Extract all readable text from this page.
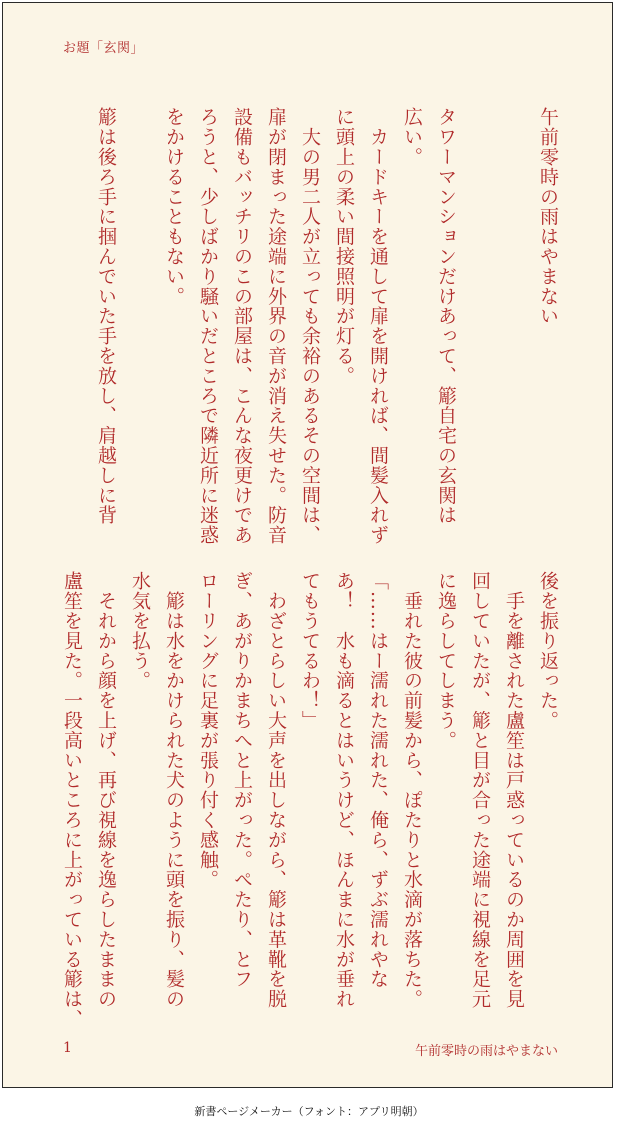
お題「玄関」
午前零時の雨はやまない

タワーマンションだけあって、簓自宅の玄関は
広い。
　カードキーを通して扉を開ければ、間髪入れず
に頭上の柔い間接照明が灯る。
　大の男二人が立っても余裕のあるその空間は、
扉が閉まった途端に外界の音が消え失せた。防音
設備もバッチリのこの部屋は、こんな夜更けであ
ろうと、少しばかり騒いだところで隣近所に迷惑
をかけることもない。

簓は後ろ手に掴んでいた手を放し、肩越しに背
後を振り返った。
　手を離された盧笙は戸惑っているのか周囲を見
回していたが、簓と目が合った途端に視線を足元
に逸らしてしまう。
　垂れた彼の前髪から、ぽたりと水滴が落ちた。
「……はー濡れた濡れた、俺ら、ずぶ濡れやな
あ！　水も滴るとはいうけど、ほんまに水が垂れ
てもうてるわ！」
　わざとらしい大声を出しながら、簓は革靴を脱
ぎ、あがりかまちへと上がった。ぺたり、とフ
ローリングに足裏が張り付く感触。
　簓は水をかけられた犬のように頭を振り、髪の
水気を払う。
　それから顔を上げ、再び視線を逸らしたままの
盧笙を見た。一段高いところに上がっている簓は、
1	午前零時の雨はやまない
新書ページメーカー（フォント：アプリ明朝）
